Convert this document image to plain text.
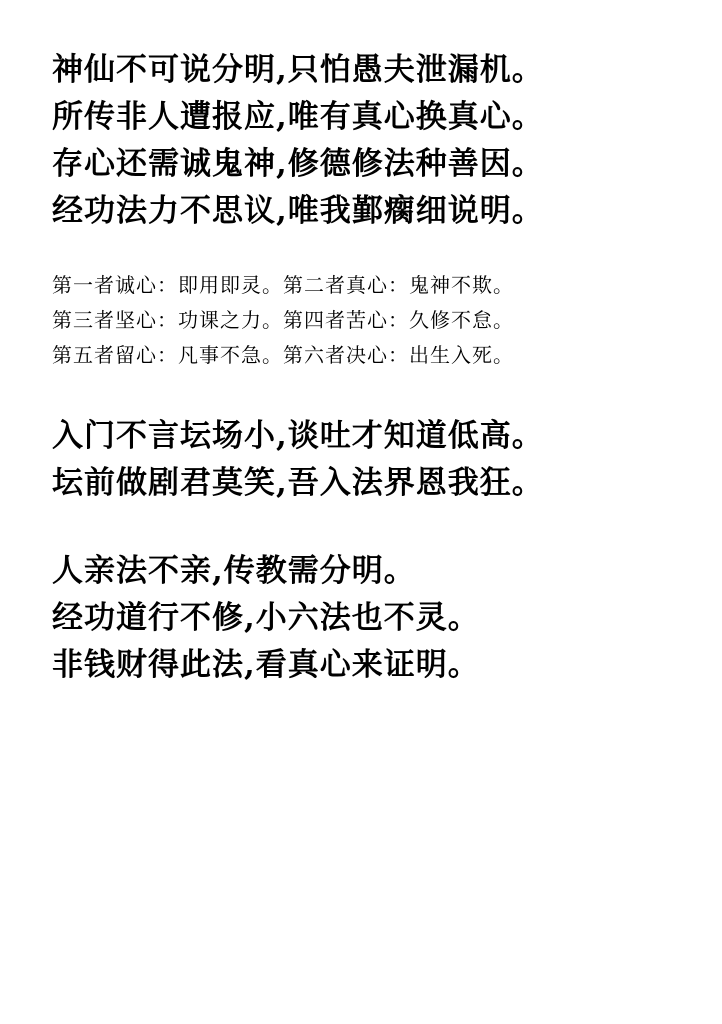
神仙不可说分明,只怕愚夫泄漏机。
所传非人遭报应,唯有真心换真心。
存心还需诚鬼神,修德修法种善因。
经功法力不思议,唯我鄞瘸细说明。
第一者诚心：即用即灵。第二者真心：鬼神不欺。
第三者坚心：功课之力。第四者苦心：久修不怠。
第五者留心：凡事不急。第六者决心：出生入死。
入门不言坛场小,谈吐才知道低高。
坛前做剧君莫笑,吾入法界恩我狂。
人亲法不亲,传教需分明。
经功道行不修,小六法也不灵。
非钱财得此法,看真心来证明。
